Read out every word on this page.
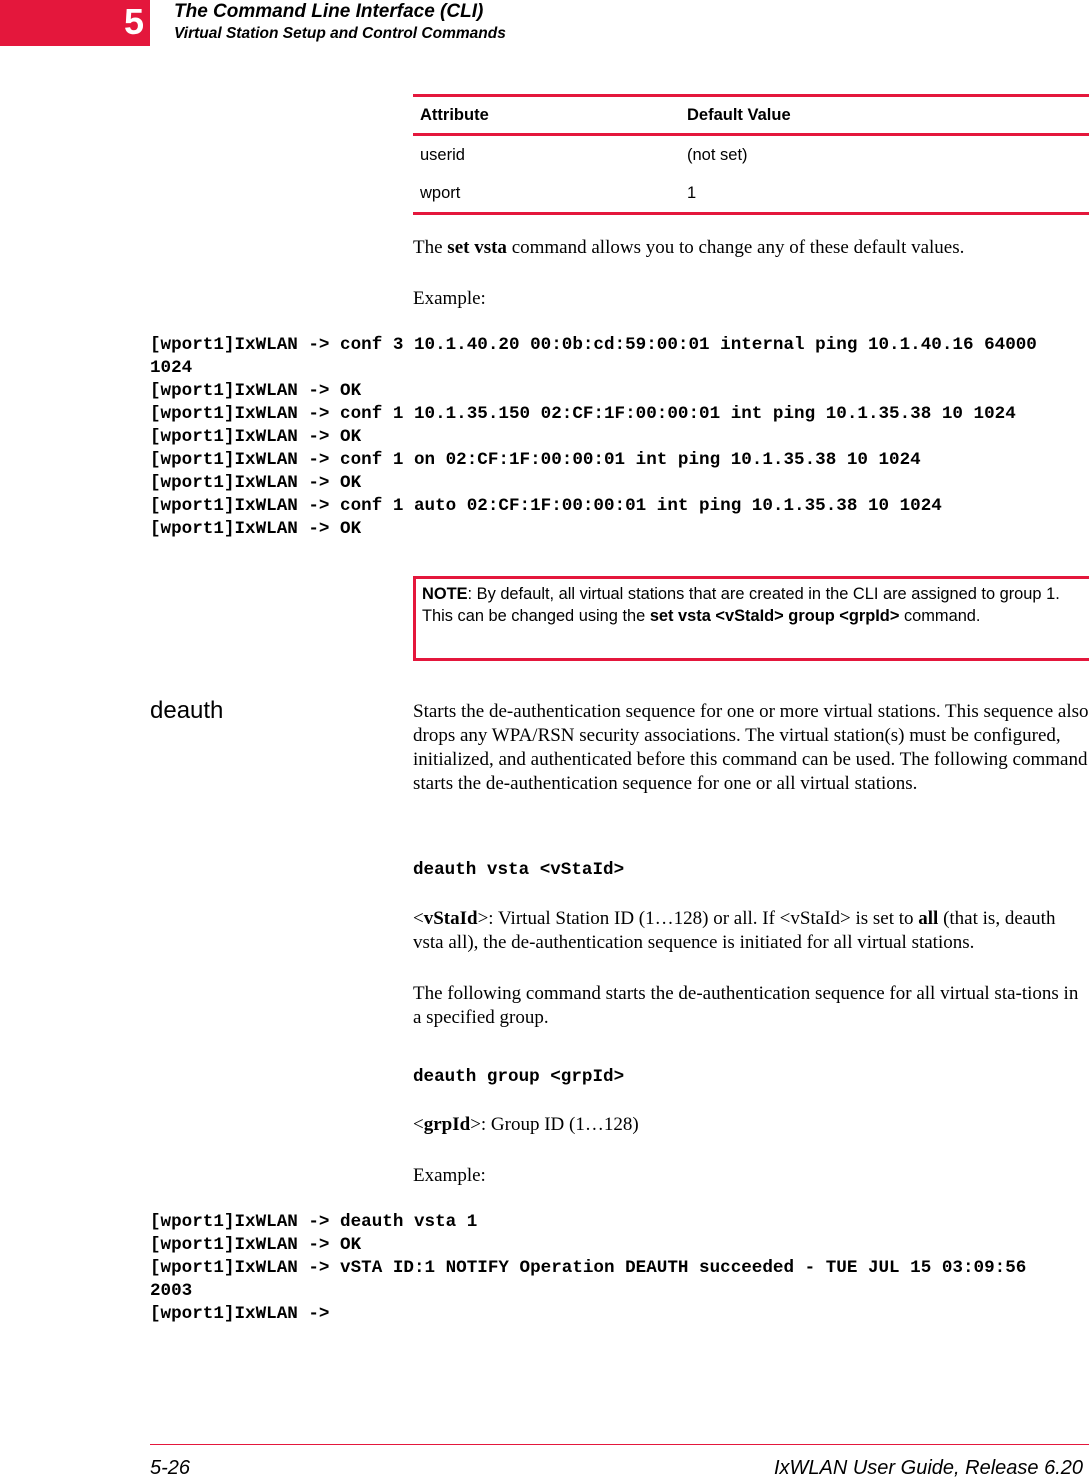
5 The Command Line Interface (CLI)
Virtual Station Setup and Control Commands
Attribute	Default Value
userid	(not set)
wport	1
The set vsta command allows you to change any of these default values.
Example:
[wport1]IxWLAN -> conf 3 10.1.40.20 00:0b:cd:59:00:01 internal ping 10.1.40.16 64000
1024
[wport1]IxWLAN -> OK
[wport1]IxWLAN -> conf 1 10.1.35.150 02:CF:1F:00:00:01 int ping 10.1.35.38 10 1024
[wport1]IxWLAN -> OK
[wport1]IxWLAN -> conf 1 on 02:CF:1F:00:00:01 int ping 10.1.35.38 10 1024
[wport1]IxWLAN -> OK
[wport1]IxWLAN -> conf 1 auto 02:CF:1F:00:00:01 int ping 10.1.35.38 10 1024
[wport1]IxWLAN -> OK
NOTE: By default, all virtual stations that are created in the CLI are assigned to group 1. This can be changed using the set vsta <vStaId> group <grpId> command.
deauth	Starts the de-authentication sequence for one or more virtual stations. This sequence also drops any WPA/RSN security associations. The virtual station(s) must be configured, initialized, and authenticated before this command can be used. The following command starts the de-authentication sequence for one or all virtual stations.
deauth vsta <vStaId>
<vStaId>: Virtual Station ID (1…128) or all. If <vStaId> is set to all (that is, deauth vsta all), the de-authentication sequence is initiated for all virtual stations.
The following command starts the de-authentication sequence for all virtual sta-tions in a specified group.
deauth group <grpId>
<grpId>: Group ID (1…128)
Example:
[wport1]IxWLAN -> deauth vsta 1
[wport1]IxWLAN -> OK
[wport1]IxWLAN -> vSTA ID:1 NOTIFY Operation DEAUTH succeeded - TUE JUL 15 03:09:56
2003
[wport1]IxWLAN ->
5-26	IxWLAN User Guide, Release 6.20
